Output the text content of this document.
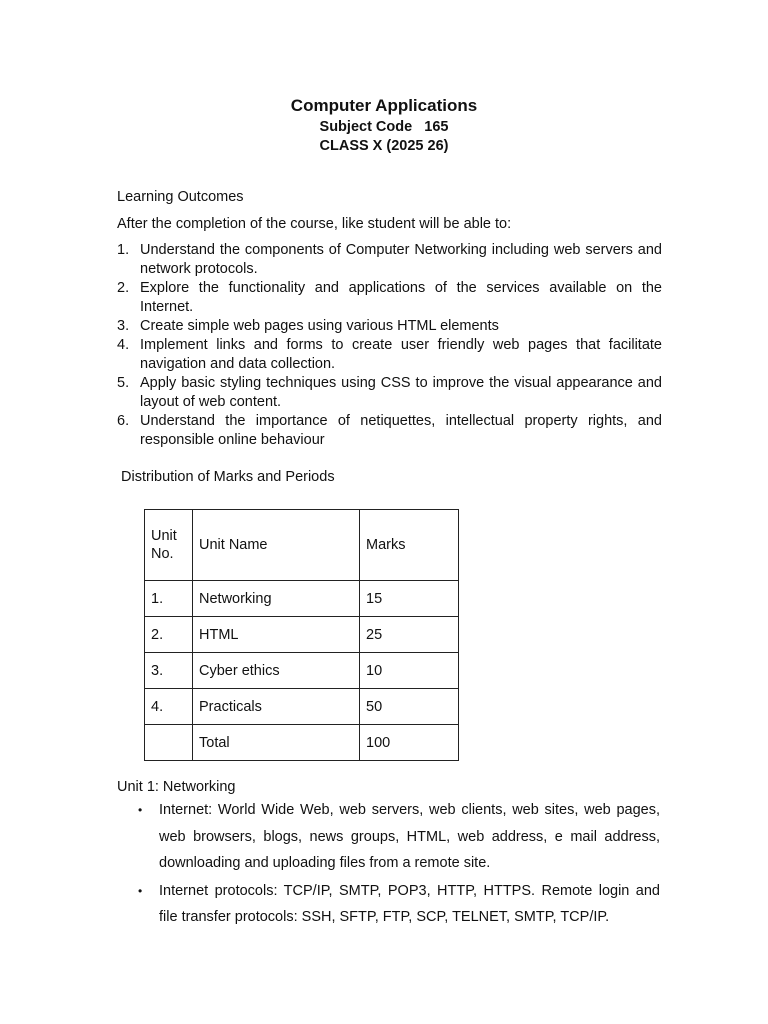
Computer Applications
Subject Code   165
CLASS X (2025 26)
Learning Outcomes
After the completion of the course, like student will be able to:
1. Understand the components of Computer Networking including web servers and network protocols.
2. Explore the functionality and applications of the services available on the Internet.
3. Create simple web pages using various HTML elements
4. Implement links and forms to create user friendly web pages that facilitate navigation and data collection.
5. Apply basic styling techniques using CSS to improve the visual appearance and layout of web content.
6. Understand the importance of netiquettes, intellectual property rights, and responsible online behaviour
Distribution of Marks and Periods
Unit No.	Unit Name	Marks
1.	Networking	15
2.	HTML	25
3.	Cyber ethics	10
4.	Practicals	50
	Total	100
Unit 1: Networking
• Internet: World Wide Web, web servers, web clients, web sites, web pages, web browsers, blogs, news groups, HTML, web address, e mail address, downloading and uploading files from a remote site.
• Internet protocols: TCP/IP, SMTP, POP3, HTTP, HTTPS. Remote login and file transfer protocols: SSH, SFTP, FTP, SCP, TELNET, SMTP, TCP/IP.
